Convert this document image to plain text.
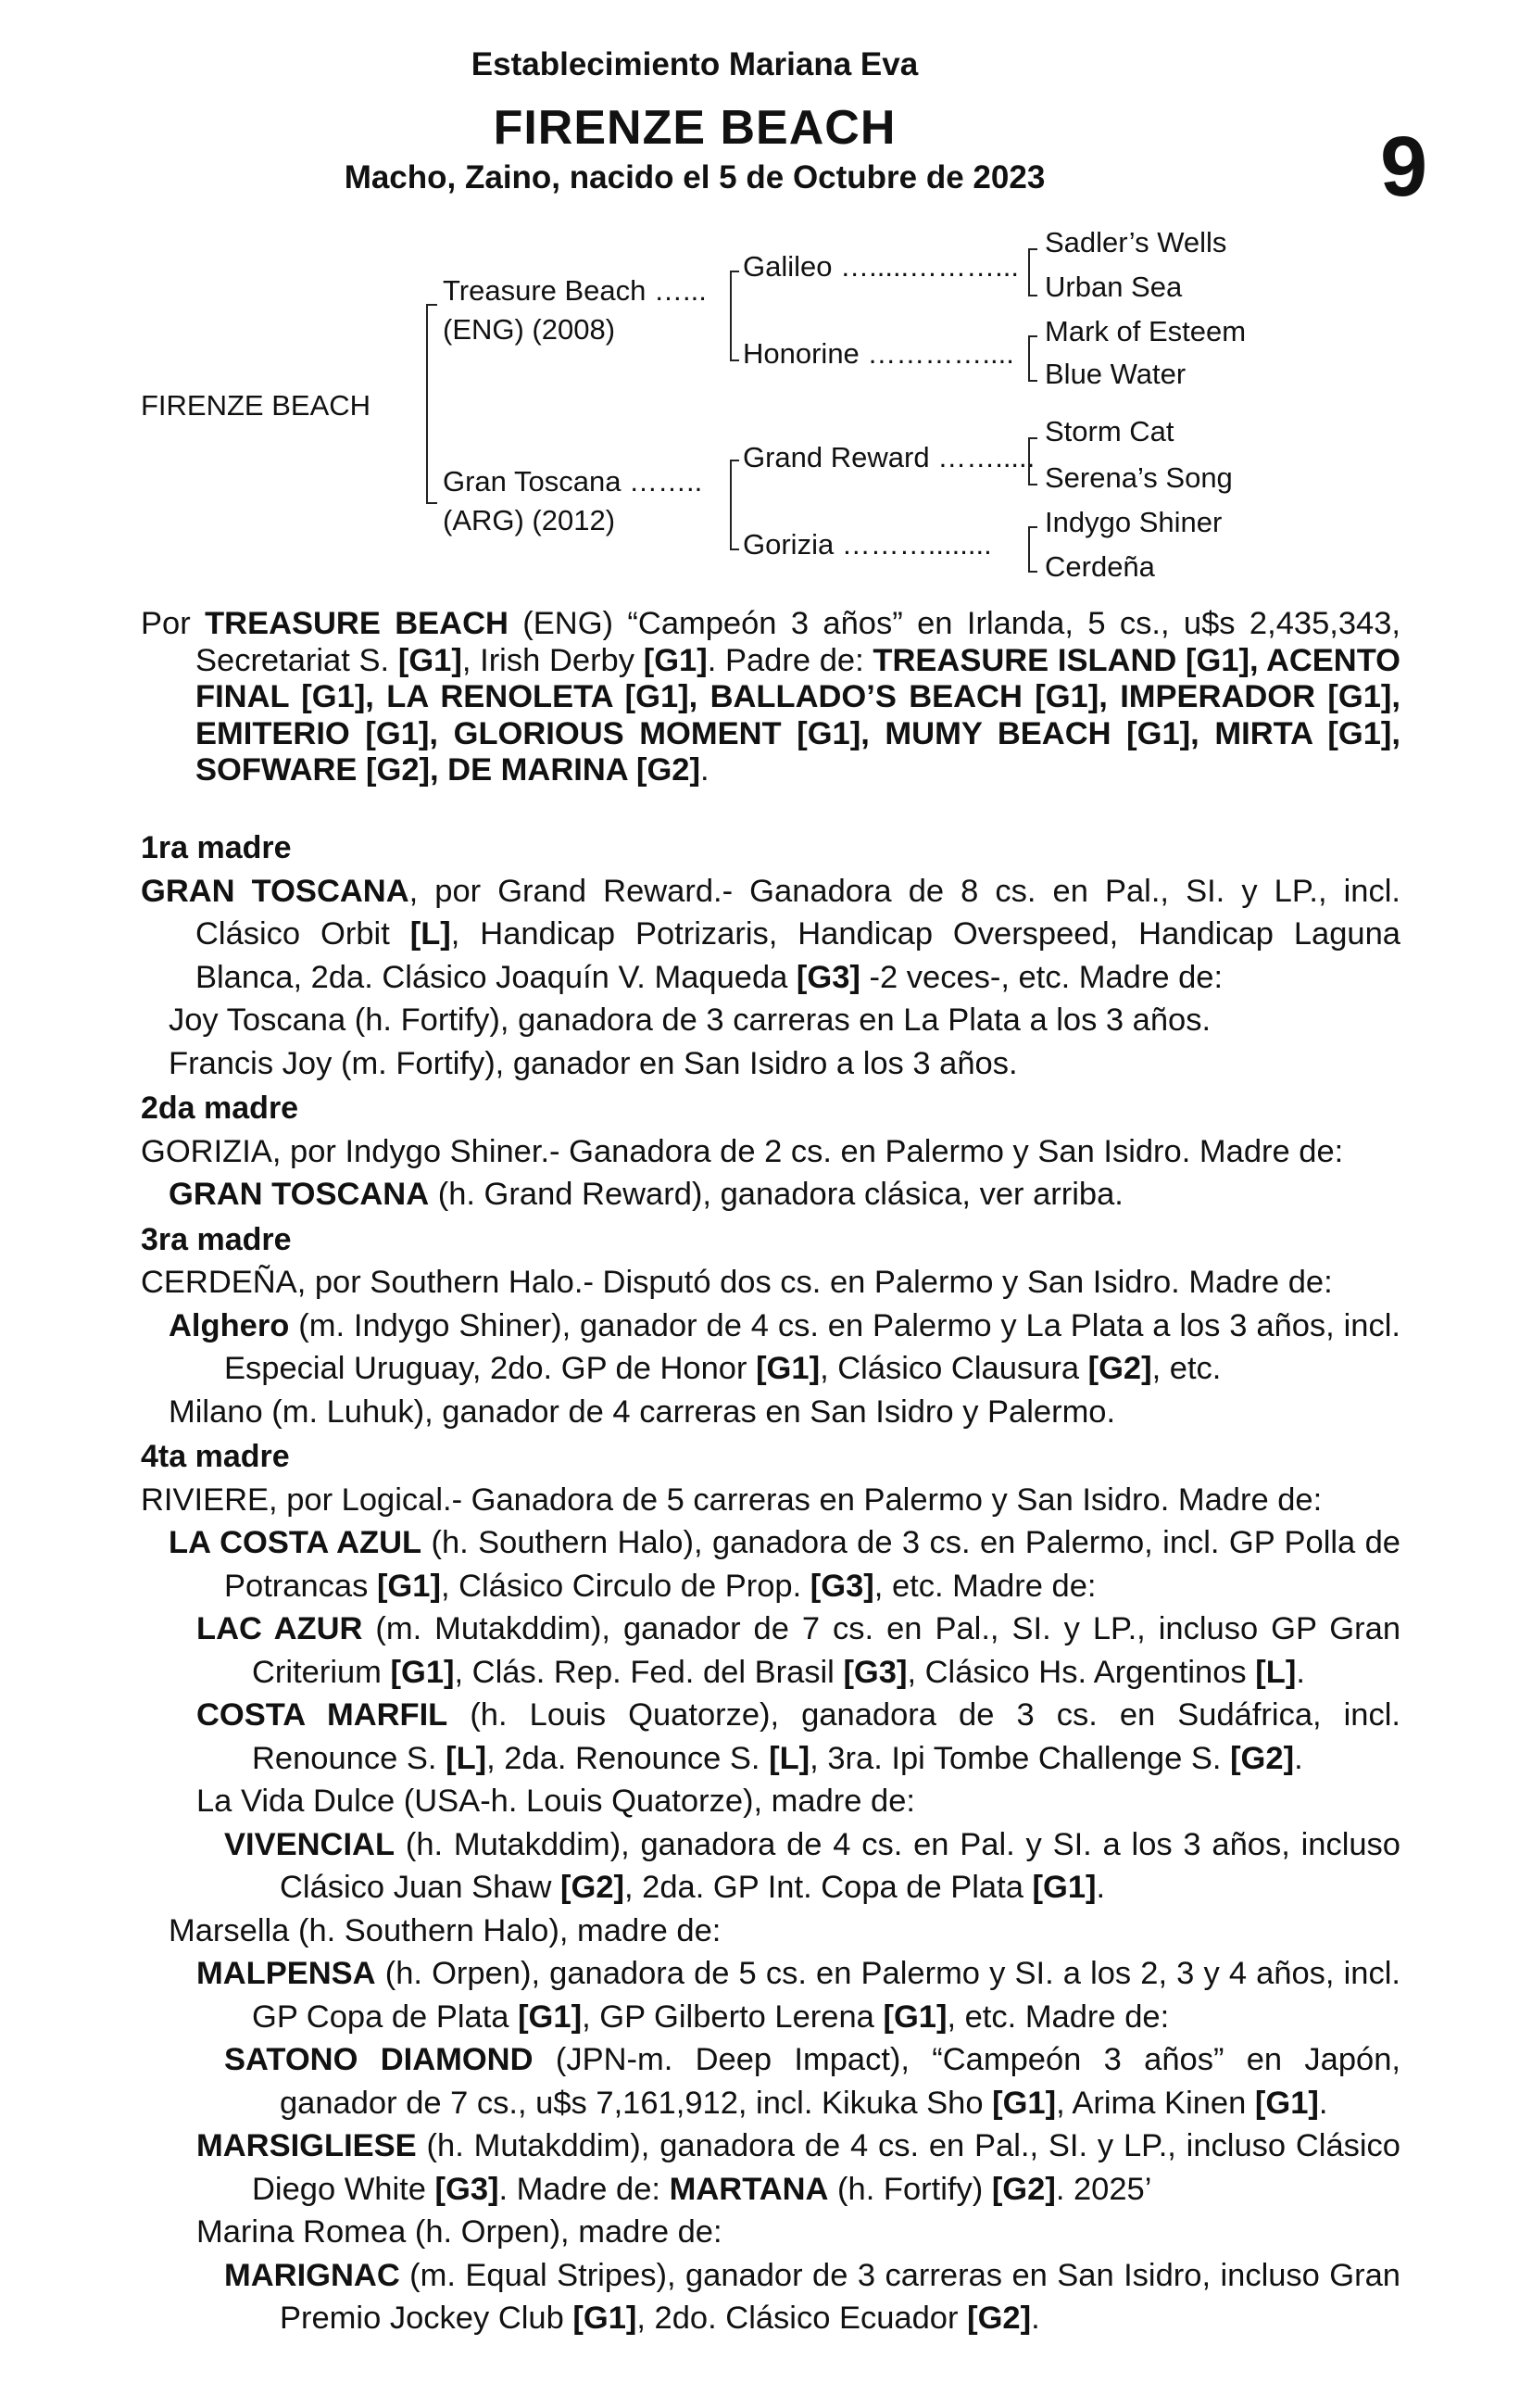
Establecimiento Mariana Eva
FIRENZE BEACH
Macho, Zaino, nacido el 5 de Octubre de 2023	9
FIRENZE BEACH
Treasure Beach …...
(ENG) (2008)
Gran Toscana ……..
(ARG) (2012)
Galileo ….....………...
Honorine …………....
Grand Reward …….....
Gorizia ………........
Sadler’s Wells
Urban Sea
Mark of Esteem
Blue Water
Storm Cat
Serena’s Song
Indygo Shiner
Cerdeña

Por TREASURE BEACH (ENG) “Campeón 3 años” en Irlanda, 5 cs., u$s 2,435,343, Secretariat S. [G1], Irish Derby [G1]. Padre de: TREASURE ISLAND [G1], ACENTO FINAL [G1], LA RENOLETA [G1], BALLADO’S BEACH [G1], IMPERADOR [G1], EMITERIO [G1], GLORIOUS MOMENT [G1], MUMY BEACH [G1], MIRTA [G1], SOFWARE [G2], DE MARINA [G2].

1ra madre

GRAN TOSCANA, por Grand Reward.- Ganadora de 8 cs. en Pal., SI. y LP., incl. Clásico Orbit [L], Handicap Potrizaris, Handicap Overspeed, Handicap Laguna Blanca, 2da. Clásico Joaquín V. Maqueda [G3] -2 veces-, etc. Madre de:

Joy Toscana (h. Fortify), ganadora de 3 carreras en La Plata a los 3 años.

Francis Joy (m. Fortify), ganador en San Isidro a los 3 años.

2da madre

GORIZIA, por Indygo Shiner.- Ganadora de 2 cs. en Palermo y San Isidro. Madre de:

GRAN TOSCANA (h. Grand Reward), ganadora clásica, ver arriba.

3ra madre

CERDEÑA, por Southern Halo.- Disputó dos cs. en Palermo y San Isidro. Madre de:

Alghero (m. Indygo Shiner), ganador de 4 cs. en Palermo y La Plata a los 3 años, incl. Especial Uruguay, 2do. GP de Honor [G1], Clásico Clausura [G2], etc.

Milano (m. Luhuk), ganador de 4 carreras en San Isidro y Palermo.

4ta madre

RIVIERE, por Logical.- Ganadora de 5 carreras en Palermo y San Isidro. Madre de:

LA COSTA AZUL (h. Southern Halo), ganadora de 3 cs. en Palermo, incl. GP Polla de Potrancas [G1], Clásico Circulo de Prop. [G3], etc. Madre de:

LAC AZUR (m. Mutakddim), ganador de 7 cs. en Pal., SI. y LP., incluso GP Gran Criterium [G1], Clás. Rep. Fed. del Brasil [G3], Clásico Hs. Argentinos [L].

COSTA MARFIL (h. Louis Quatorze), ganadora de 3 cs. en Sudáfrica, incl. Renounce S. [L], 2da. Renounce S. [L], 3ra. Ipi Tombe Challenge S. [G2].

La Vida Dulce (USA-h. Louis Quatorze), madre de:

VIVENCIAL (h. Mutakddim), ganadora de 4 cs. en Pal. y SI. a los 3 años, incluso Clásico Juan Shaw [G2], 2da. GP Int. Copa de Plata [G1].

Marsella (h. Southern Halo), madre de:

MALPENSA (h. Orpen), ganadora de 5 cs. en Palermo y SI. a los 2, 3 y 4 años, incl. GP Copa de Plata [G1], GP Gilberto Lerena [G1], etc. Madre de:

SATONO DIAMOND (JPN-m. Deep Impact), “Campeón 3 años” en Japón, ganador de 7 cs., u$s 7,161,912, incl. Kikuka Sho [G1], Arima Kinen [G1].

MARSIGLIESE (h. Mutakddim), ganadora de 4 cs. en Pal., SI. y LP., incluso Clásico Diego White [G3]. Madre de: MARTANA (h. Fortify) [G2]. 2025’

Marina Romea (h. Orpen), madre de:

MARIGNAC (m. Equal Stripes), ganador de 3 carreras en San Isidro, incluso Gran Premio Jockey Club [G1], 2do. Clásico Ecuador [G2].
